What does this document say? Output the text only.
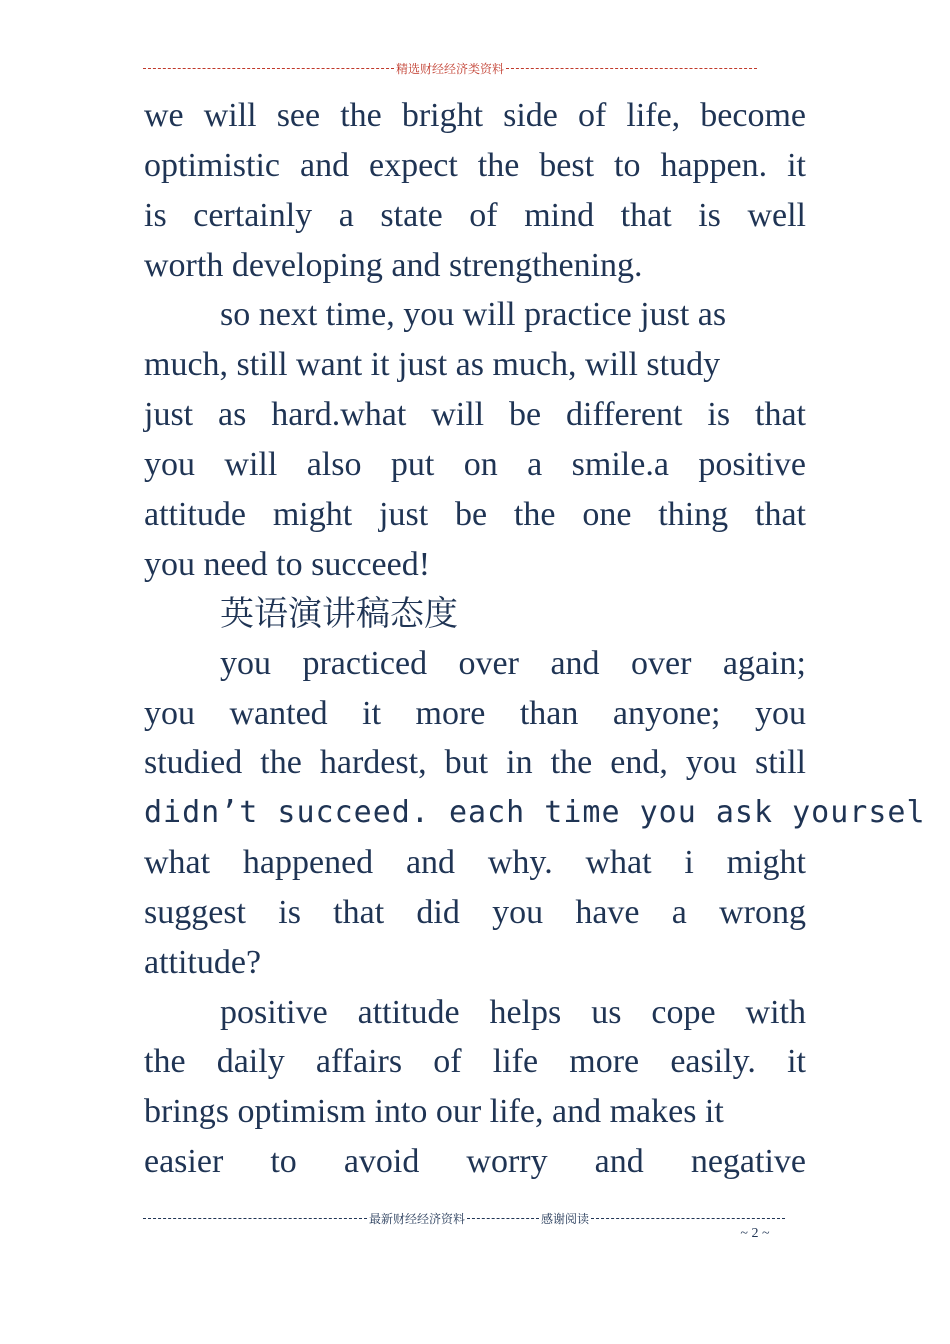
精选财经经济类资料
we will see the bright side of life, become
optimistic and expect the best to happen. it
is certainly a state of mind that is well
worth developing and strengthening.
so next time, you will practice just as
much, still want it just as much, will study
just as hard.what will be different is that
you will also put on a smile.a positive
attitude might just be the one thing that
you need to succeed!
英语演讲稿态度
you practiced over and over again;
you wanted it more than anyone; you
studied the hardest, but in the end, you still
didn’t succeed. each time you ask yoursel
what happened and why. what i might
suggest is that did you have a wrong
attitude?
positive attitude helps us cope with
the daily affairs of life more easily. it
brings optimism into our life, and makes it
easier to avoid worry and negative
最新财经经济资料	感谢阅读
~ 2 ~
